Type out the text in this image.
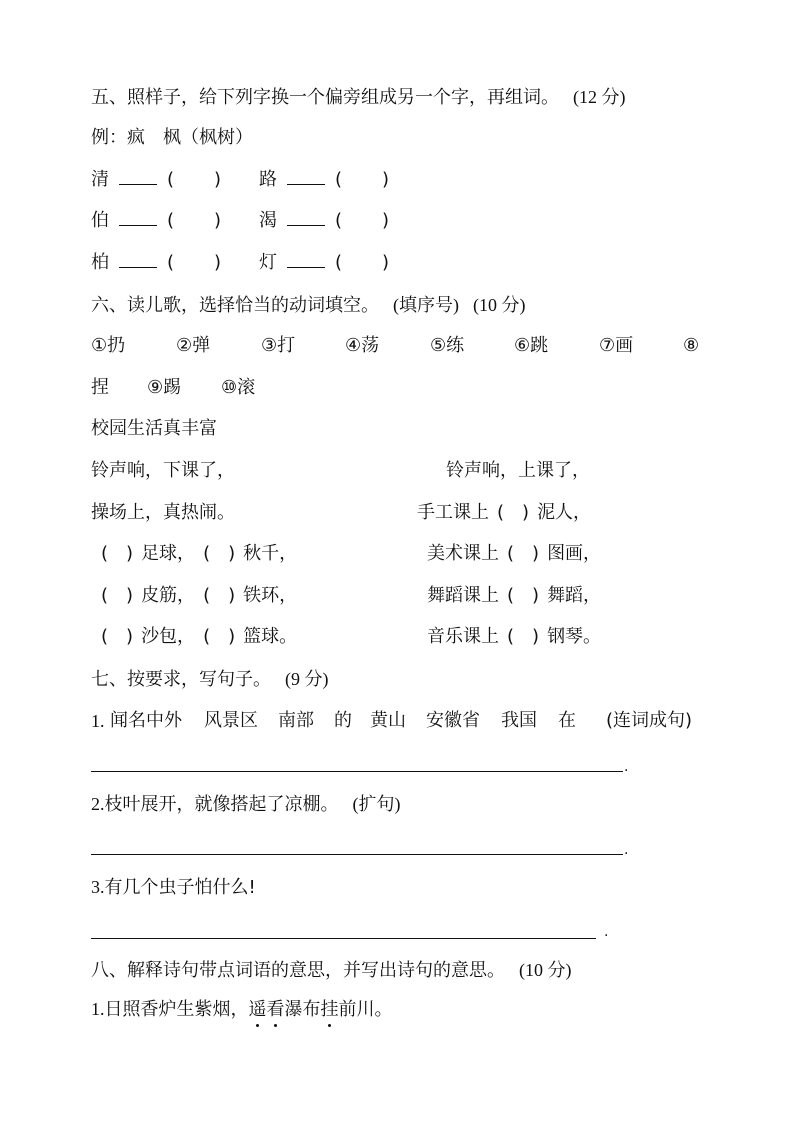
五、照样子，给下列字换一个偏旁组成另一个字，再组词。 (12 分)
例：疯　枫（枫树）
清	( ) 路	( )
伯	( ) 渴	( )
柏	( ) 灯	( )
六、读儿歌，选择恰当的动词填空。 (填序号) (10 分)
①扔	②弹	③打	④荡	⑤练	⑥跳	⑦画	⑧
捏 ⑨踢 ⑩滚
校园生活真丰富
铃声响，下课了，	铃声响，上课了，
操场上，真热闹。	手工课上 ( ) 泥人，
( ) 足球， ( ) 秋千，	美术课上 ( ) 图画，
( ) 皮筋， ( ) 铁环，	舞蹈课上 ( ) 舞蹈，
( ) 沙包， ( ) 篮球。	音乐课上 ( ) 钢琴。
七、按要求，写句子。 (9 分)
1. 闻名中外 风景区 南部 的 黄山 安徽省 我国 在 (连词成句)
.
2.枝叶展开，就像搭起了凉棚。 (扩句)
.
3.有几个虫子怕什么!
.
八、解释诗句带点词语的意思，并写出诗句的意思。 (10 分)
1.日照香炉生紫烟，遥看瀑布挂前川。
